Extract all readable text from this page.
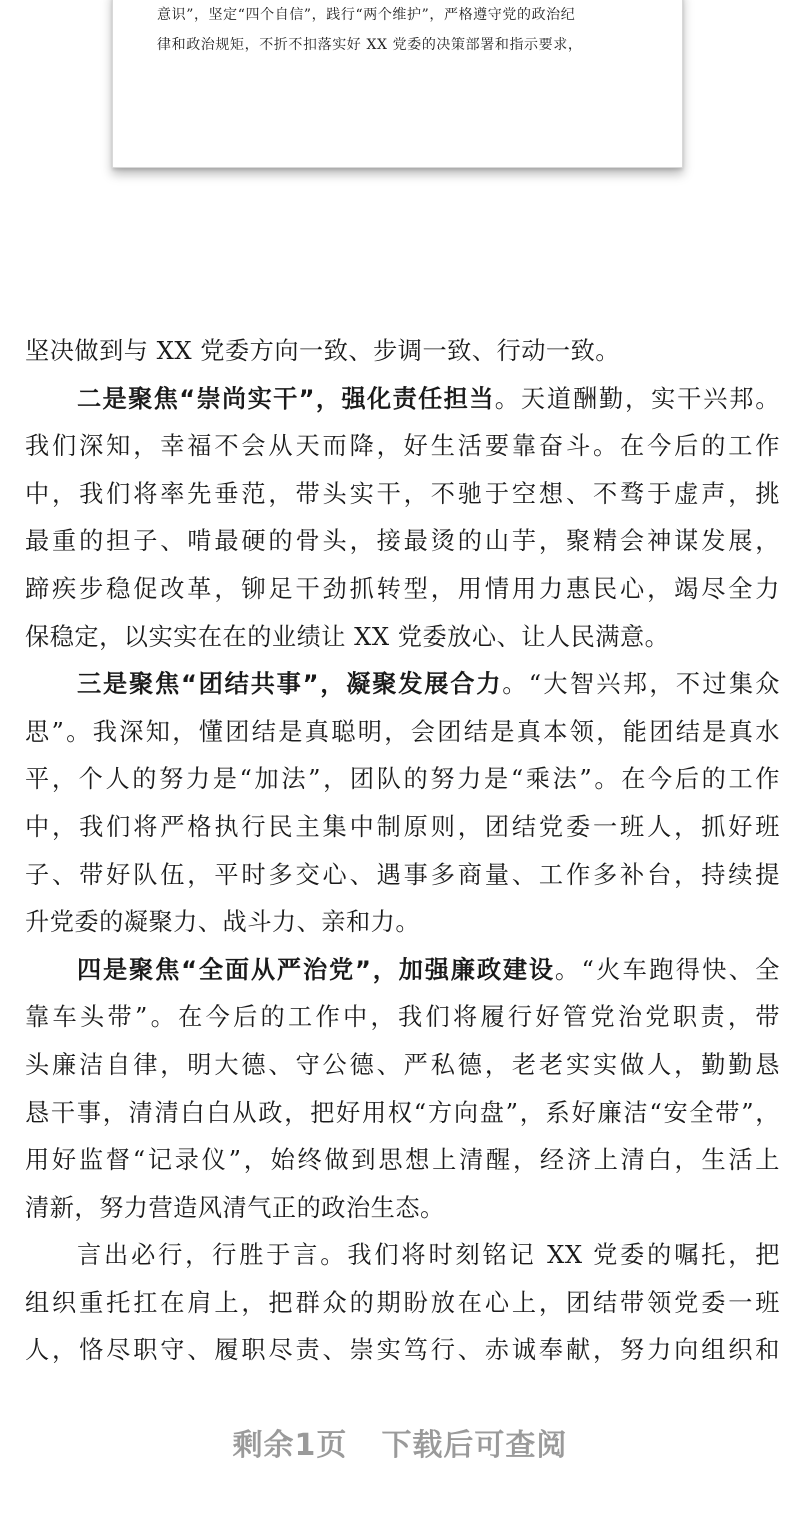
意识”，坚定“四个自信”，践行“两个维护”，严格遵守党的政治纪
律和政治规矩，不折不扣落实好 XX 党委的决策部署和指示要求，
坚决做到与 XX 党委方向一致、步调一致、行动一致。
二是聚焦“崇尚实干”，强化责任担当。天道酬勤，实干兴邦。
我们深知，幸福不会从天而降，好生活要靠奋斗。在今后的工作
中，我们将率先垂范，带头实干，不驰于空想、不骛于虚声，挑
最重的担子、啃最硬的骨头，接最烫的山芋，聚精会神谋发展，
蹄疾步稳促改革，铆足干劲抓转型，用情用力惠民心，竭尽全力
保稳定，以实实在在的业绩让 XX 党委放心、让人民满意。
三是聚焦“团结共事”，凝聚发展合力。“大智兴邦，不过集众
思”。我深知，懂团结是真聪明，会团结是真本领，能团结是真水
平，个人的努力是“加法”，团队的努力是“乘法”。在今后的工作
中，我们将严格执行民主集中制原则，团结党委一班人，抓好班
子、带好队伍，平时多交心、遇事多商量、工作多补台，持续提
升党委的凝聚力、战斗力、亲和力。
四是聚焦“全面从严治党”，加强廉政建设。“火车跑得快、全
靠车头带”。在今后的工作中，我们将履行好管党治党职责，带
头廉洁自律，明大德、守公德、严私德，老老实实做人，勤勤恳
恳干事，清清白白从政，把好用权“方向盘”，系好廉洁“安全带”，
用好监督“记录仪”，始终做到思想上清醒，经济上清白，生活上
清新，努力营造风清气正的政治生态。
言出必行，行胜于言。我们将时刻铭记 XX 党委的嘱托，把
组织重托扛在肩上，把群众的期盼放在心上，团结带领党委一班
人，恪尽职守、履职尽责、崇实笃行、赤诚奉献，努力向组织和
剩余1页 下载后可查阅
